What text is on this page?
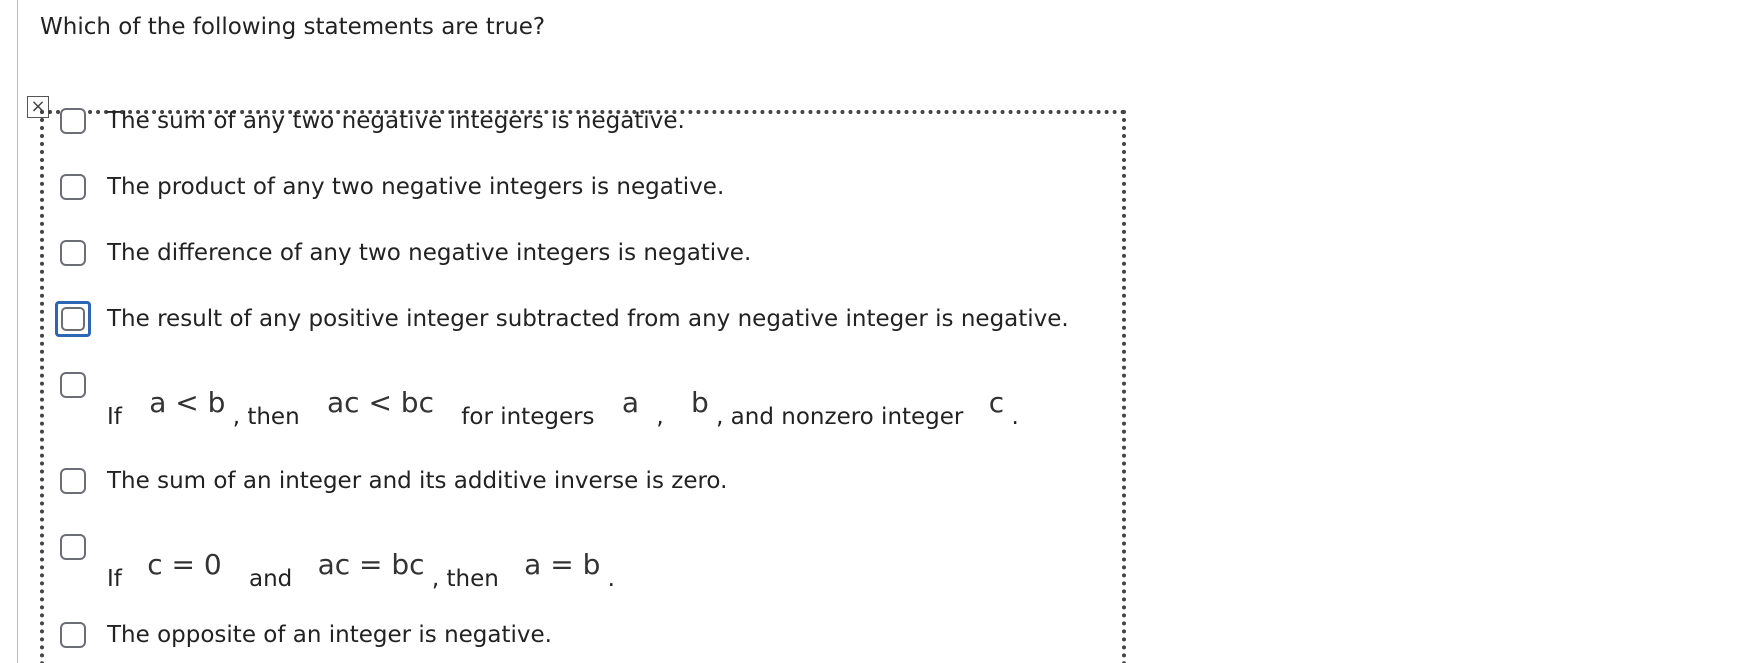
Which of the following statements are true?
×
The sum of any two negative integers is negative.
The product of any two negative integers is negative.
The difference of any two negative integers is negative.
The result of any positive integer subtracted from any negative integer is negative.
If a < b , then ac < bc for integers a , b , and nonzero integer c .
The sum of an integer and its additive inverse is zero.
If c = 0 and ac = bc , then a = b .
The opposite of an integer is negative.
